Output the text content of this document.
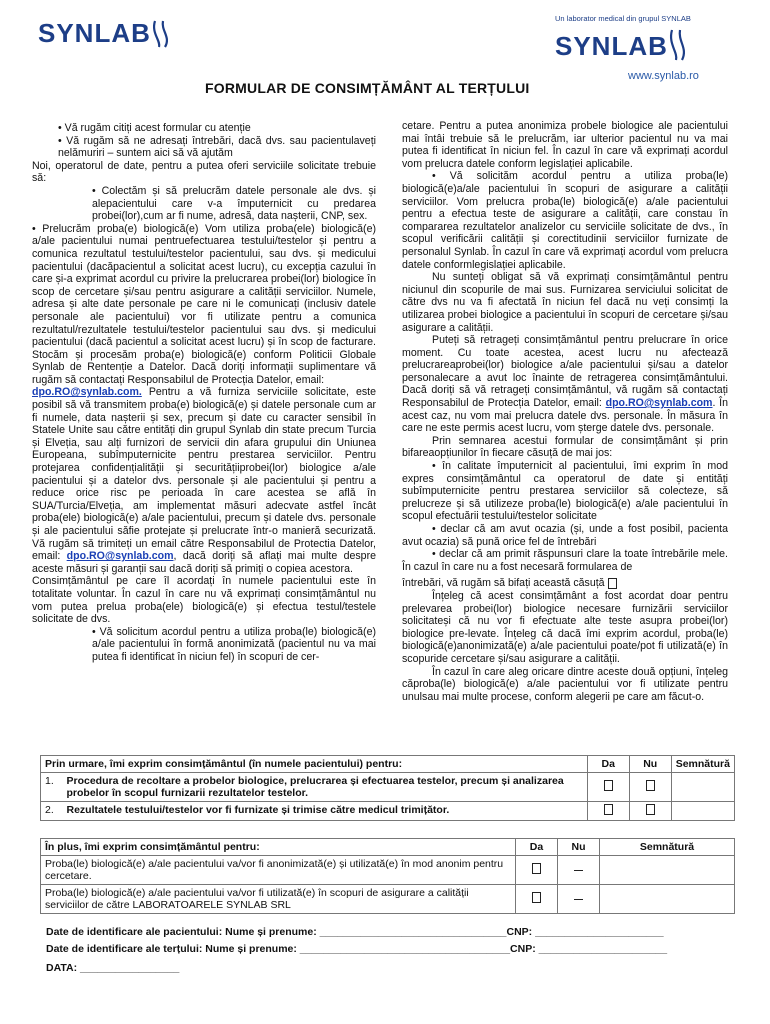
SYNLAB	Un laborator medical din grupul SYNLAB
SYNLAB
www.synlab.ro
FORMULAR DE CONSIMȚĂMÂNT AL TERȚULUI

• Vă rugăm citiți acest formular cu atenție

• Vă rugăm să ne adresați întrebări, dacă dvs. sau pacientulaveți nelămuriri – suntem aici să vă ajutăm

Noi, operatorul de date, pentru a putea oferi serviciile solicitate trebuie să:

• Colectăm și să prelucrăm datele personale ale dvs. și alepacientului care v-a împuternicit cu predarea probei(lor),cum ar fi nume, adresă, data nașterii, CNP, sex.

• Prelucrăm proba(e) biologică(e) Vom utiliza proba(ele) biologică(e) a/ale pacientului numai pentruefectuarea testului/testelor și pentru a comunica rezultatul testului/testelor pacientului, sau dvs. și medicului pacientului (dacăpacientul a solicitat acest lucru), cu excepția cazului în care și-a exprimat acordul cu privire la prelucrarea probei(lor) biologice în scop de cercetare și/sau pentru asigurare a calității serviciilor. Numele, adresa și alte date personale pe care ni le comunicați (inclusiv datele personale ale pacientului) vor fi utilizate pentru a comunica rezultatul/rezultatele testului/testelor pacientului sau dvs. și medicului pacientului (dacă pacientul a solicitat acest lucru) și în scop de facturare. Stocăm și procesăm proba(e) biologică(e) conform Politicii Globale Synlab de Rentenție a Datelor. Dacă doriți informații suplimentare vă rugăm să contactați Responsabilul de Protecția Datelor, email:
dpo.RO@synlab.com. Pentru a vă furniza serviciile solicitate, este posibil să vă transmitem proba(e) biologică(e) și datele personale cum ar fi numele, data nașterii și sex, precum și date cu caracter sensibil în Statele Unite sau către entități din grupul Synlab din state precum Turcia și Elveția, sau alți furnizori de servicii din afara grupului din Uniunea Europeana, subîmputernicite pentru prestarea serviciilor. Pentru protejarea confidențialității și securitățiiprobei(lor) biologice a/ale pacientului și a datelor dvs. personale și ale pacientului și pentru a reduce orice risc pe perioada în care acestea se află în SUA/Turcia/Elveția, am implementat măsuri adecvate astfel încât proba(ele) biologică(e) a/ale pacientului, precum și datele dvs. personale și ale pacientului săfie protejate și prelucrate într-o manieră securizată. Vă rugăm să trimiteți un email către Responsabilul de Protectia Datelor, email: dpo.RO@synlab.com, dacă doriți să aflați mai multe despre aceste măsuri și garanții sau dacă doriți să primiți o copiea acestora.

Consimțământul pe care îl acordați în numele pacientului este în totalitate voluntar. În cazul în care nu vă exprimați consimțământul nu vom putea prelua proba(ele) biologică(e) și efectua testul/testele solicitate de dvs.

• Vă solicitum acordul pentru a utiliza proba(le) biologică(e) a/ale pacientului în formă anonimizată (pacientul nu va mai putea fi identificat în niciun fel) în scopuri de cer-

cetare. Pentru a putea anonimiza probele biologice ale pacientului mai întâi trebuie să le prelucrăm, iar ulterior pacientul nu va mai putea fi identificat în niciun fel. În cazul în care vă exprimați acordul vom prelucra datele conform legislației aplicabile.

• Vă solicităm acordul pentru a utiliza proba(le) biologică(e)a/ale pacientului în scopuri de asigurare a calității serviciilor. Vom prelucra proba(le) biologică(e) a/ale pacientului pentru a efectua teste de asigurare a calității, care constau în compararea rezultatelor analizelor cu serviciile solicitate de dvs., în scopul verificării calității și corectitudinii serviciilor furnizate de personalul Synlab. În cazul în care vă exprimați acordul vom prelucra datele conformlegislației aplicabile.

Nu sunteți obligat să vă exprimați consimțământul pentru niciunul din scopurile de mai sus. Furnizarea serviciului solicitat de către dvs nu va fi afectată în niciun fel dacă nu veți consimți la utilizarea probei biologice a pacientului în scopuri de cercetare și/sau asigurare a calității.

Puteți să retrageți consimțământul pentru prelucrare în orice moment. Cu toate acestea, acest lucru nu afectează prelucrareaprobei(lor) biologice a/ale pacientului și/sau a datelor personalecare a avut loc înainte de retragerea consimțământului. Dacă doriți să vă retrageți consimțământul, vă rugăm să contactați Responsabilul de Protecția Datelor, email: dpo.RO@synlab.com. În acest caz, nu vom mai prelucra datele dvs. personale. În măsura în care ne este permis acest lucru, vom șterge datele dvs. personale.

Prin semnarea acestui formular de consimțământ și prin bifareaopțiunilor în fiecare căsuță de mai jos:

• în calitate împuternicit al pacientului, îmi exprim în mod expres consimțământul ca operatorul de date și entități subîmputernicite pentru prestarea serviciilor să colecteze, să prelucreze și să utilizeze proba(le) biologică(e) a/ale pacientului în scopul efectuării testului/testelor solicitate

• declar că am avut ocazia (și, unde a fost posibil, pacienta avut ocazia) să pună orice fel de întrebări

• declar că am primit răspunsuri clare la toate întrebările mele. În cazul în care nu a fost necesară formularea de

întrebări, vă rugăm să bifați această căsuță

Înțeleg că acest consimțământ a fost acordat doar pentru prelevarea probei(lor) biologice necesare furnizării serviciilor solicitateși că nu vor fi efectuate alte teste asupra probei(lor) biologice pre-levate. Înțeleg că dacă îmi exprim acordul, proba(le) biologică(e)anonimizată(e) a/ale pacientului poate/pot fi utilizată(e) în scopuride cercetare și/sau asigurare a calității.

În cazul în care aleg oricare dintre aceste două opțiuni, înțeleg căproba(le) biologică(e) a/ale pacientului vor fi utilizate pentru unulsau mai multe procese, conform alegerii pe care am făcut-o.

Prin urmare, îmi exprim consimțământul (în numele pacientului) pentru:		Da	Nu	Semnătură
1.	Procedura de recoltare a probelor biologice, prelucrarea și efectuarea testelor, precum și analizarea probelor în scopul furnizarii rezultatelor testelor.			
2.	Rezultatele testului/testelor vor fi furnizate și trimise către medicul trimițător.			
În plus, îmi exprim consimțământul pentru:	Da	Nu	Semnătură
Proba(le) biologică(e) a/ale pacientului va/vor fi anonimizată(e) și utilizată(e) în mod anonim pentru cercetare.			
Proba(le) biologică(e) a/ale pacientului va/vor fi utilizată(e) în scopuri de asigurare a calității serviciilor de către LABORATOARELE SYNLAB SRL			
Date de identificare ale pacientului: Nume și prenume: ________________________________CNP: ______________________
Date de identificare ale terțului: Nume și prenume: ____________________________________CNP: ______________________
DATA: _________________
